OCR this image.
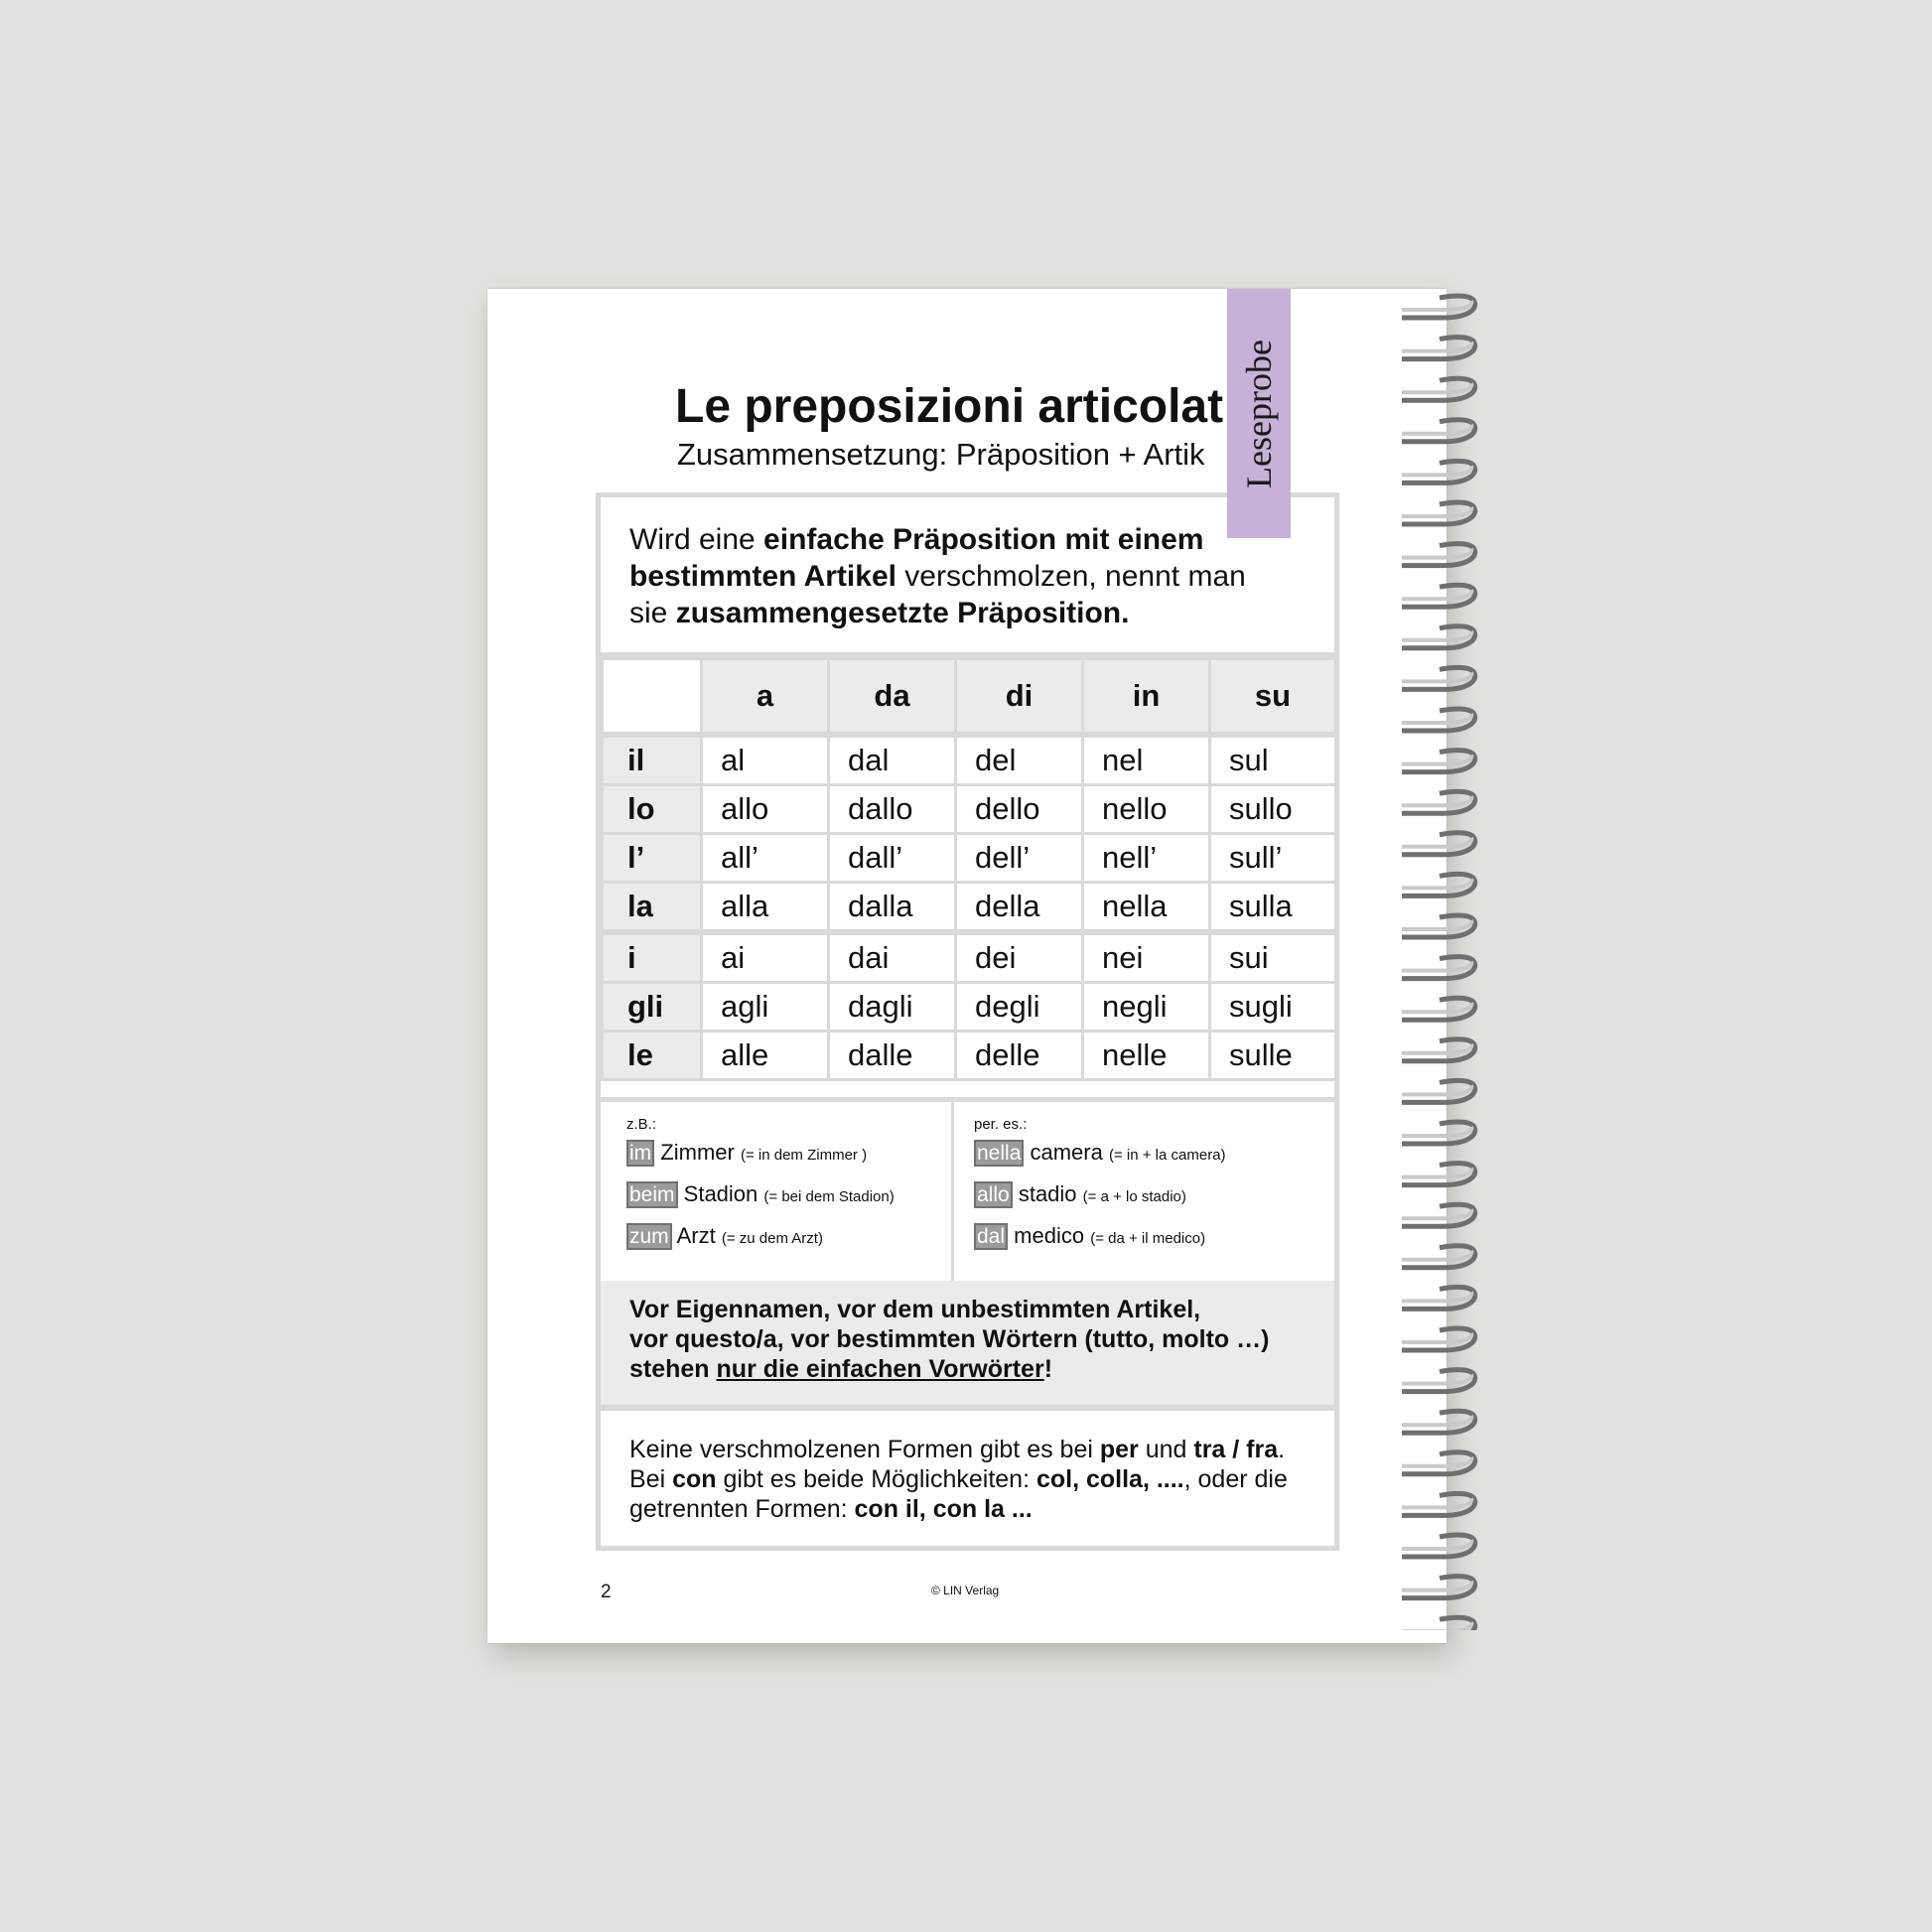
Le preposizioni articolat
Zusammensetzung: Präposition + Artik
Wird eine einfache Präposition mit einem
bestimmten Artikel verschmolzen, nennt man
sie zusammengesetzte Präposition.
	a	da	di	in	su
il	al	dal	del	nel	sul
lo	allo	dallo	dello	nello	sullo
l’	all’	dall’	dell’	nell’	sull’
la	alla	dalla	della	nella	sulla
i	ai	dai	dei	nei	sui
gli	agli	dagli	degli	negli	sugli
le	alle	dalle	delle	nelle	sulle
z.B.:
im Zimmer (= in dem Zimmer )
beim Stadion (= bei dem Stadion)
zum Arzt (= zu dem Arzt)
per. es.:
nella camera (= in + la camera)
allo stadio (= a + lo stadio)
dal medico (= da + il medico)
Vor Eigennamen, vor dem unbestimmten Artikel,
vor questo/a, vor bestimmten Wörtern (tutto, molto …)
stehen nur die einfachen Vorwörter!
Keine verschmolzenen Formen gibt es bei per und tra / fra.
Bei con gibt es beide Möglichkeiten: col, colla, ...., oder die
getrennten Formen: con il, con la ...
Leseprobe
2	© LIN Verlag
